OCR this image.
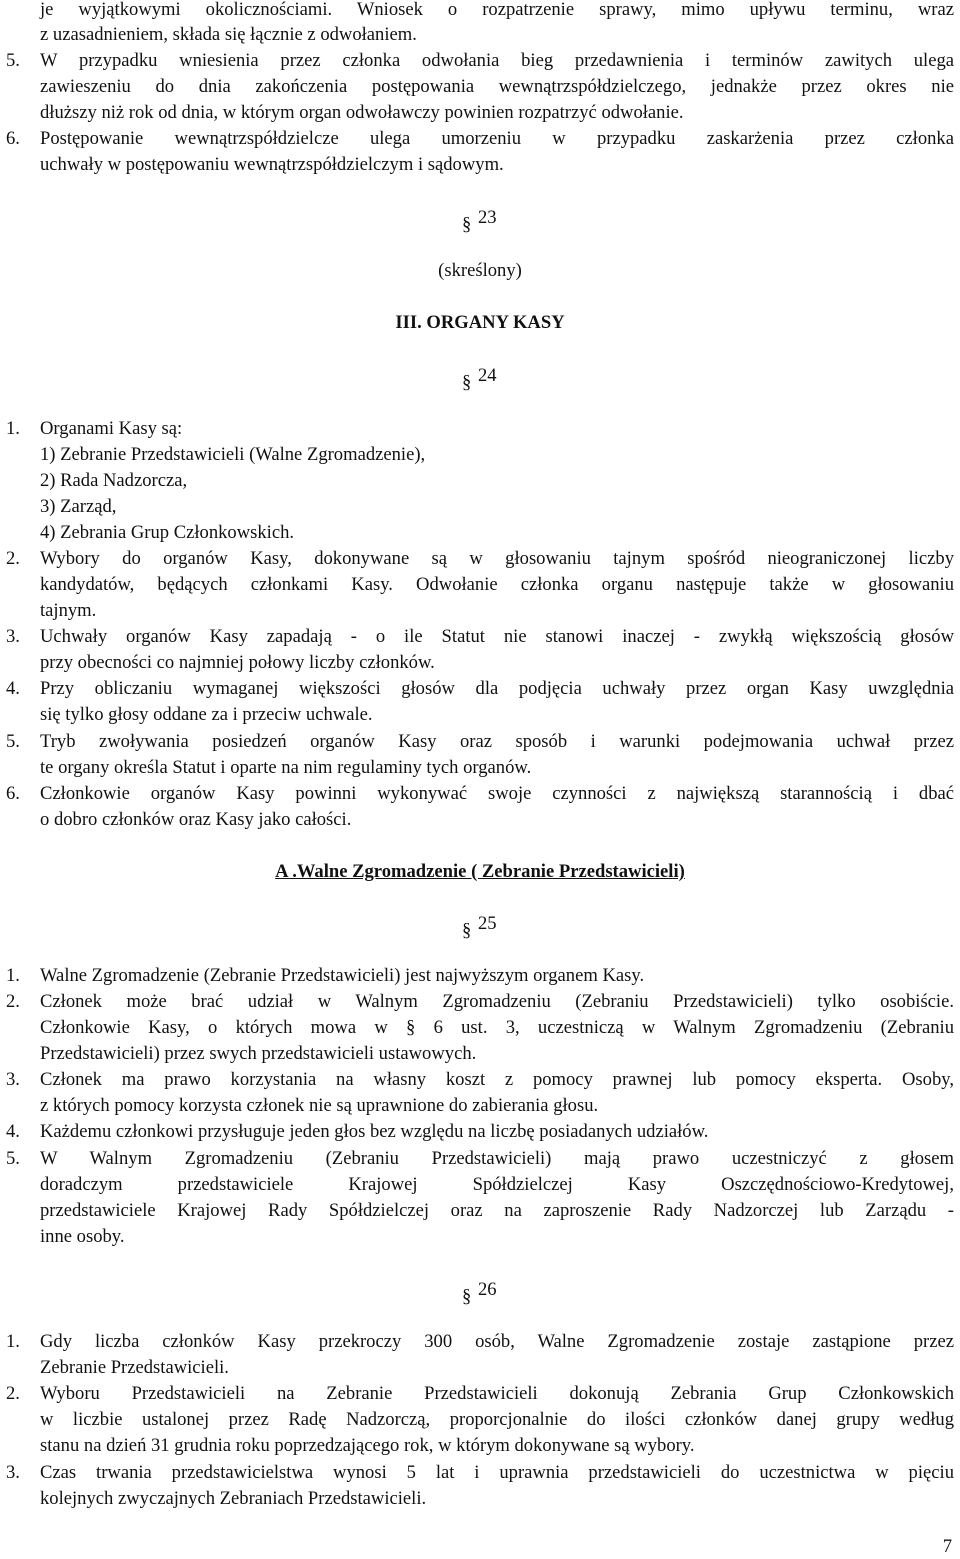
je wyjątkowymi okolicznościami. Wniosek o rozpatrzenie sprawy, mimo upływu terminu, wraz
z uzasadnieniem, składa się łącznie z odwołaniem.
5. W przypadku wniesienia przez członka odwołania bieg przedawnienia i terminów zawitych ulega
zawieszeniu do dnia zakończenia postępowania wewnątrzspółdzielczego, jednakże przez okres nie
dłuższy niż rok od dnia, w którym organ odwoławczy powinien rozpatrzyć odwołanie.
6. Postępowanie wewnątrzspółdzielcze ulega umorzeniu w przypadku zaskarżenia przez członka
uchwały w postępowaniu wewnątrzspółdzielczym i sądowym.
§ 23
(skreślony)
III. ORGANY KASY
§ 24
1. Organami Kasy są:
1) Zebranie Przedstawicieli (Walne Zgromadzenie),
2) Rada Nadzorcza,
3) Zarząd,
4) Zebrania Grup Członkowskich.
2. Wybory do organów Kasy, dokonywane są w głosowaniu tajnym spośród nieograniczonej liczby
kandydatów, będących członkami Kasy. Odwołanie członka organu następuje także w głosowaniu
tajnym.
3. Uchwały organów Kasy zapadają - o ile Statut nie stanowi inaczej - zwykłą większością głosów
przy obecności co najmniej połowy liczby członków.
4. Przy obliczaniu wymaganej większości głosów dla podjęcia uchwały przez organ Kasy uwzględnia
się tylko głosy oddane za i przeciw uchwale.
5. Tryb zwoływania posiedzeń organów Kasy oraz sposób i warunki podejmowania uchwał przez
te organy określa Statut i oparte na nim regulaminy tych organów.
6. Członkowie organów Kasy powinni wykonywać swoje czynności z największą starannością i dbać
o dobro członków oraz Kasy jako całości.
A .Walne Zgromadzenie ( Zebranie Przedstawicieli)
§ 25
1. Walne Zgromadzenie (Zebranie Przedstawicieli) jest najwyższym organem Kasy.
2. Członek może brać udział w Walnym Zgromadzeniu (Zebraniu Przedstawicieli) tylko osobiście.
Członkowie Kasy, o których mowa w § 6 ust. 3, uczestniczą w Walnym Zgromadzeniu (Zebraniu
Przedstawicieli) przez swych przedstawicieli ustawowych.
3. Członek ma prawo korzystania na własny koszt z pomocy prawnej lub pomocy eksperta. Osoby,
z których pomocy korzysta członek nie są uprawnione do zabierania głosu.
4. Każdemu członkowi przysługuje jeden głos bez względu na liczbę posiadanych udziałów.
5. W Walnym Zgromadzeniu (Zebraniu Przedstawicieli) mają prawo uczestniczyć z głosem
doradczym przedstawiciele Krajowej Spółdzielczej Kasy Oszczędnościowo-Kredytowej,
przedstawiciele Krajowej Rady Spółdzielczej oraz na zaproszenie Rady Nadzorczej lub Zarządu -
inne osoby.
§ 26
1. Gdy liczba członków Kasy przekroczy 300 osób, Walne Zgromadzenie zostaje zastąpione przez
Zebranie Przedstawicieli.
2. Wyboru Przedstawicieli na Zebranie Przedstawicieli dokonują Zebrania Grup Członkowskich
w liczbie ustalonej przez Radę Nadzorczą, proporcjonalnie do ilości członków danej grupy według
stanu na dzień 31 grudnia roku poprzedzającego rok, w którym dokonywane są wybory.
3. Czas trwania przedstawicielstwa wynosi 5 lat i uprawnia przedstawicieli do uczestnictwa w pięciu
kolejnych zwyczajnych Zebraniach Przedstawicieli.
7
